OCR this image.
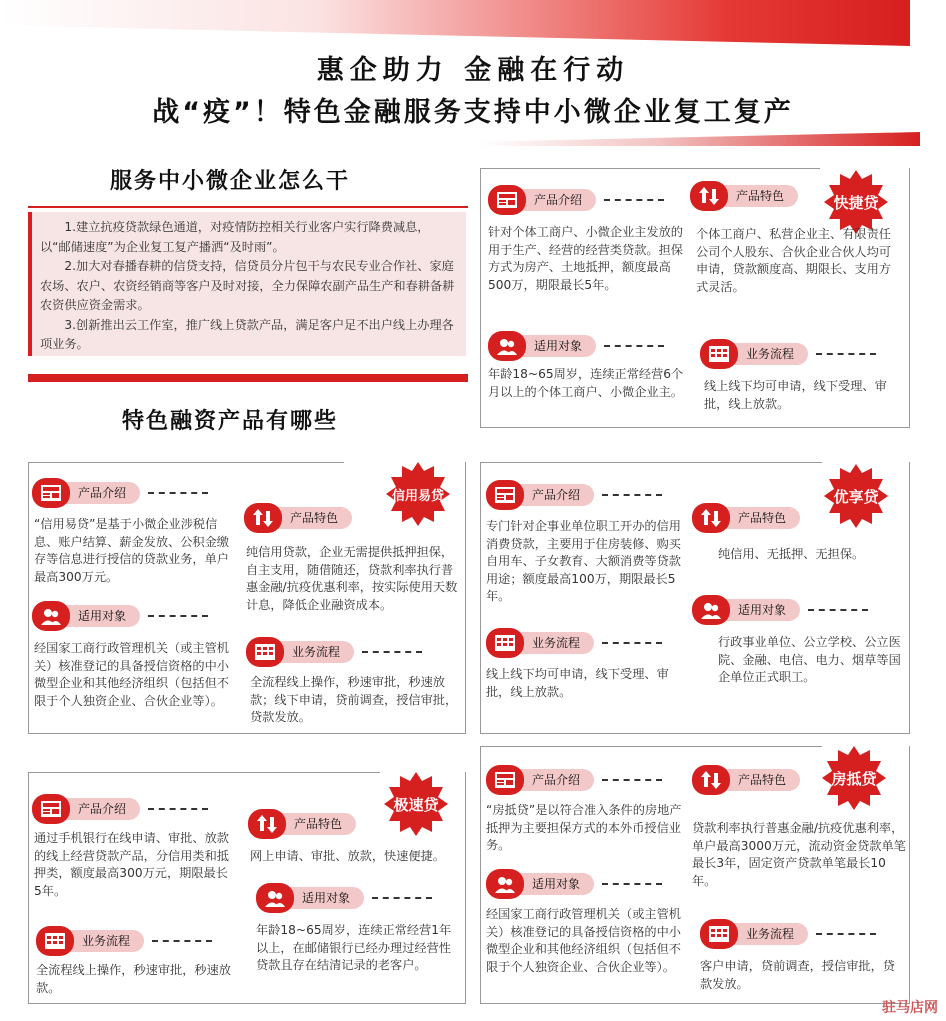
惠企助力 金融在行动
战“疫”！特色金融服务支持中小微企业复工复产
服务中小微企业怎么干

1.建立抗疫贷款绿色通道，对疫情防控相关行业客户实行降费减息，以“邮储速度”为企业复工复产播洒“及时雨”。

2.加大对春播春耕的信贷支持，信贷员分片包干与农民专业合作社、家庭农场、农户、农资经销商等客户及时对接，全力保障农副产品生产和春耕备耕农资供应资金需求。

3.创新推出云工作室，推广线上贷款产品，满足客户足不出户线上办理各项业务。

特色融资产品有哪些
快捷贷
产品介绍
针对个体工商户、小微企业主发放的用于生产、经营的经营类贷款。担保方式为房产、土地抵押，额度最高500万，期限最长5年。
产品特色
个体工商户、私营企业主、有限责任公司个人股东、合伙企业合伙人均可申请，贷款额度高、期限长、支用方式灵活。
适用对象
年龄18~65周岁，连续正常经营6个月以上的个体工商户、小微企业主。
业务流程
线上线下均可申请，线下受理、审批，线上放款。
信用易贷
产品介绍
“信用易贷”是基于小微企业涉税信息、账户结算、薪金发放、公积金缴存等信息进行授信的贷款业务，单户最高300万元。
产品特色
纯信用贷款，企业无需提供抵押担保，自主支用，随借随还，贷款利率执行普惠金融/抗疫优惠利率，按实际使用天数计息，降低企业融资成本。
适用对象
经国家工商行政管理机关（或主管机关）核准登记的具备授信资格的中小微型企业和其他经济组织（包括但不限于个人独资企业、合伙企业等）。
业务流程
全流程线上操作，秒速审批，秒速放款；线下申请，贷前调查，授信审批，贷款发放。
优享贷
产品介绍
专门针对企事业单位职工开办的信用消费贷款，主要用于住房装修、购买自用车、子女教育、大额消费等贷款用途；额度最高100万，期限最长5年。
产品特色
纯信用、无抵押、无担保。
适用对象
行政事业单位、公立学校、公立医院、金融、电信、电力、烟草等国企单位正式职工。
业务流程
线上线下均可申请，线下受理、审批，线上放款。
极速贷
产品介绍
通过手机银行在线申请、审批、放款的线上经营贷款产品，分信用类和抵押类，额度最高300万元，期限最长5年。
产品特色
网上申请、审批、放款，快速便捷。
适用对象
年龄18~65周岁，连续正常经营1年以上，在邮储银行已经办理过经营性贷款且存在结清记录的老客户。
业务流程
全流程线上操作，秒速审批，秒速放款。
房抵贷
产品介绍
“房抵贷”是以符合准入条件的房地产抵押为主要担保方式的本外币授信业务。
产品特色
贷款利率执行普惠金融/抗疫优惠利率，单户最高3000万元，流动资金贷款单笔最长3年，固定资产贷款单笔最长10年。
适用对象
经国家工商行政管理机关（或主管机关）核准登记的具备授信资格的中小微型企业和其他经济组织（包括但不限于个人独资企业、合伙企业等）。
业务流程
客户申请，贷前调查，授信审批，贷款发放。
驻马店网
